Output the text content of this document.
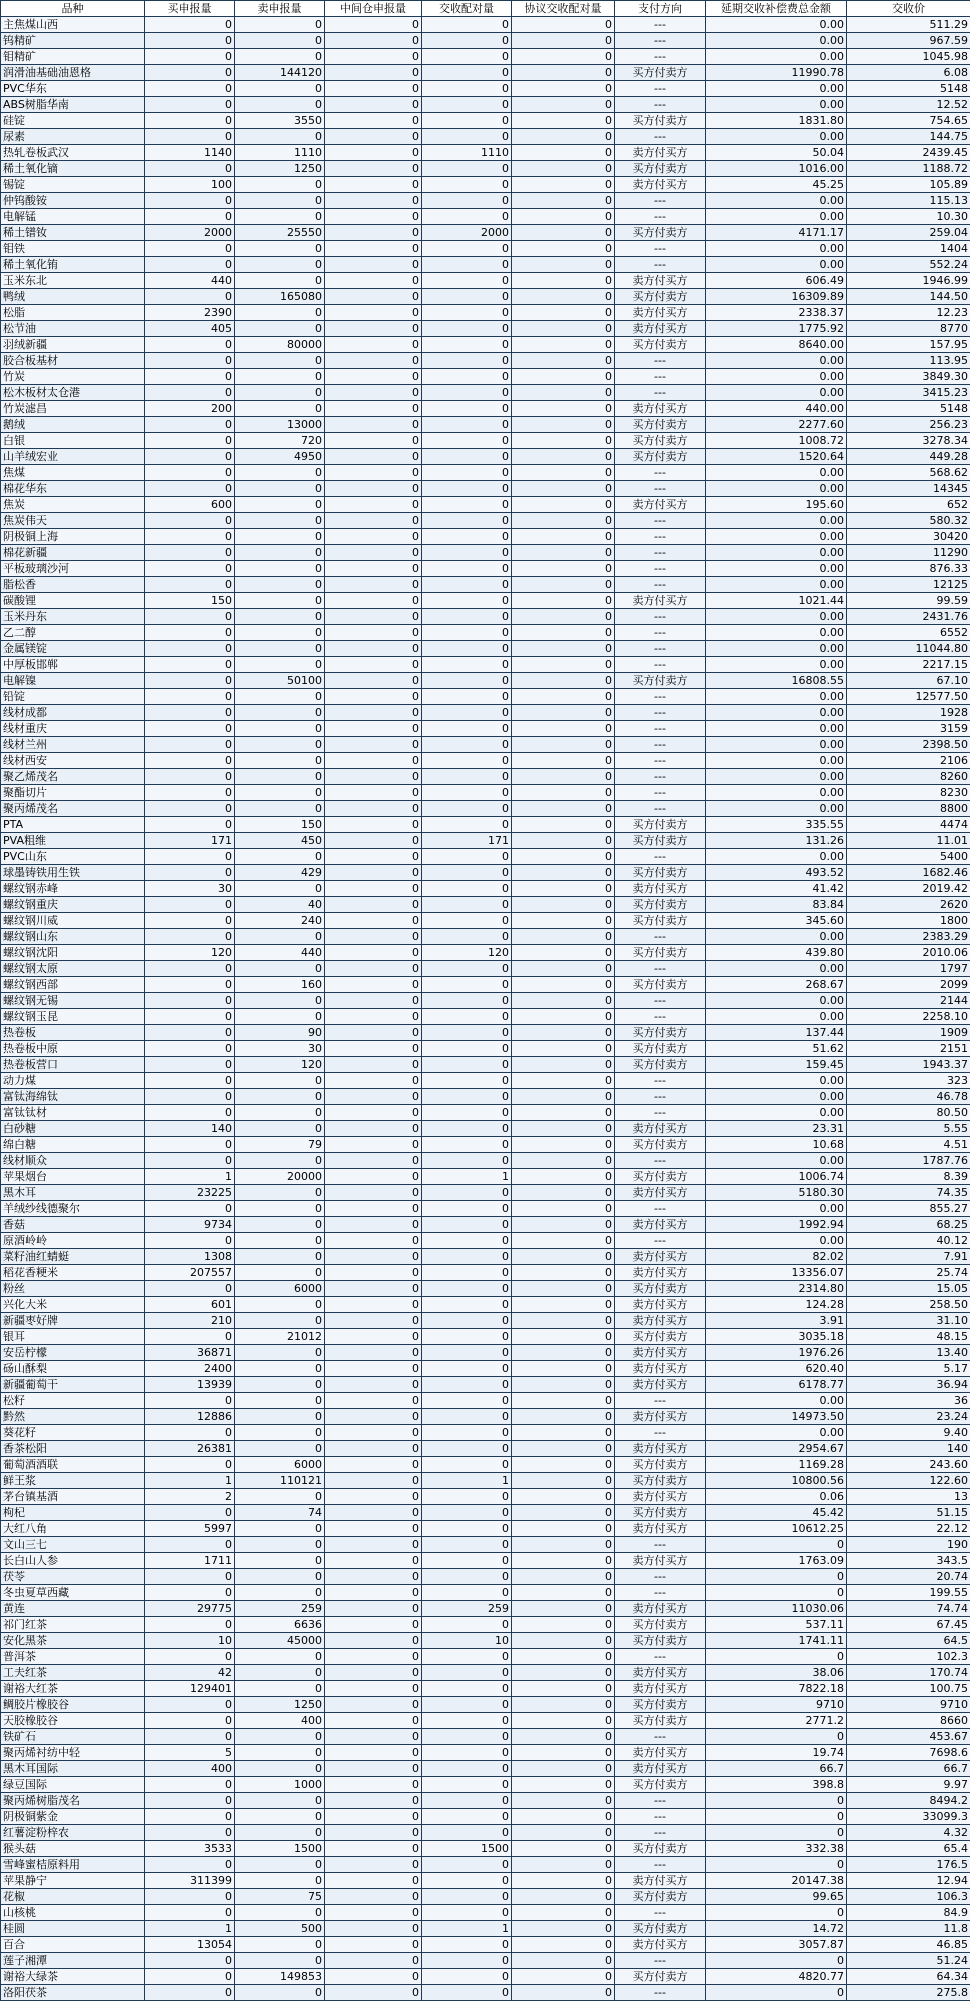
品种	买申报量	卖申报量	中间仓申报量	交收配对量	协议交收配对量	支付方向	延期交收补偿费总金额	交收价
主焦煤山西	0	0	0	0	0	---	0.00	511.29
钨精矿	0	0	0	0	0	---	0.00	967.59
钼精矿	0	0	0	0	0	---	0.00	1045.98
润滑油基础油恩格	0	144120	0	0	0	买方付卖方	11990.78	6.08
PVC华东	0	0	0	0	0	---	0.00	5148
ABS树脂华南	0	0	0	0	0	---	0.00	12.52
硅锭	0	3550	0	0	0	买方付卖方	1831.80	754.65
尿素	0	0	0	0	0	---	0.00	144.75
热轧卷板武汉	1140	1110	0	1110	0	卖方付买方	50.04	2439.45
稀土氧化镝	0	1250	0	0	0	买方付卖方	1016.00	1188.72
锡锭	100	0	0	0	0	卖方付买方	45.25	105.89
仲钨酸铵	0	0	0	0	0	---	0.00	115.13
电解锰	0	0	0	0	0	---	0.00	10.30
稀土镨钕	2000	25550	0	2000	0	买方付卖方	4171.17	259.04
钼铁	0	0	0	0	0	---	0.00	1404
稀土氧化铕	0	0	0	0	0	---	0.00	552.24
玉米东北	440	0	0	0	0	卖方付买方	606.49	1946.99
鸭绒	0	165080	0	0	0	买方付卖方	16309.89	144.50
松脂	2390	0	0	0	0	卖方付买方	2338.37	12.23
松节油	405	0	0	0	0	卖方付买方	1775.92	8770
羽绒新疆	0	80000	0	0	0	买方付卖方	8640.00	157.95
胶合板基材	0	0	0	0	0	---	0.00	113.95
竹炭	0	0	0	0	0	---	0.00	3849.30
松木板材太仓港	0	0	0	0	0	---	0.00	3415.23
竹炭滤昌	200	0	0	0	0	卖方付买方	440.00	5148
鹅绒	0	13000	0	0	0	买方付卖方	2277.60	256.23
白银	0	720	0	0	0	买方付卖方	1008.72	3278.34
山羊绒宏业	0	4950	0	0	0	买方付卖方	1520.64	449.28
焦煤	0	0	0	0	0	---	0.00	568.62
棉花华东	0	0	0	0	0	---	0.00	14345
焦炭	600	0	0	0	0	卖方付买方	195.60	652
焦炭伟天	0	0	0	0	0	---	0.00	580.32
阴极铜上海	0	0	0	0	0	---	0.00	30420
棉花新疆	0	0	0	0	0	---	0.00	11290
平板玻璃沙河	0	0	0	0	0	---	0.00	876.33
脂松香	0	0	0	0	0	---	0.00	12125
碳酸锂	150	0	0	0	0	卖方付买方	1021.44	99.59
玉米丹东	0	0	0	0	0	---	0.00	2431.76
乙二醇	0	0	0	0	0	---	0.00	6552
金属镁锭	0	0	0	0	0	---	0.00	11044.80
中厚板邯郸	0	0	0	0	0	---	0.00	2217.15
电解镍	0	50100	0	0	0	买方付卖方	16808.55	67.10
铅锭	0	0	0	0	0	---	0.00	12577.50
线材成都	0	0	0	0	0	---	0.00	1928
线材重庆	0	0	0	0	0	---	0.00	3159
线材兰州	0	0	0	0	0	---	0.00	2398.50
线材西安	0	0	0	0	0	---	0.00	2106
聚乙烯茂名	0	0	0	0	0	---	0.00	8260
聚酯切片	0	0	0	0	0	---	0.00	8230
聚丙烯茂名	0	0	0	0	0	---	0.00	8800
PTA	0	150	0	0	0	买方付卖方	335.55	4474
PVA粗维	171	450	0	171	0	买方付卖方	131.26	11.01
PVC山东	0	0	0	0	0	---	0.00	5400
球墨铸铁用生铁	0	429	0	0	0	买方付卖方	493.52	1682.46
螺纹钢赤峰	30	0	0	0	0	卖方付买方	41.42	2019.42
螺纹钢重庆	0	40	0	0	0	买方付卖方	83.84	2620
螺纹钢川威	0	240	0	0	0	买方付卖方	345.60	1800
螺纹钢山东	0	0	0	0	0	---	0.00	2383.29
螺纹钢沈阳	120	440	0	120	0	买方付卖方	439.80	2010.06
螺纹钢太原	0	0	0	0	0	---	0.00	1797
螺纹钢西部	0	160	0	0	0	买方付卖方	268.67	2099
螺纹钢无锡	0	0	0	0	0	---	0.00	2144
螺纹钢玉昆	0	0	0	0	0	---	0.00	2258.10
热卷板	0	90	0	0	0	买方付卖方	137.44	1909
热卷板中原	0	30	0	0	0	买方付卖方	51.62	2151
热卷板营口	0	120	0	0	0	买方付卖方	159.45	1943.37
动力煤	0	0	0	0	0	---	0.00	323
富钛海绵钛	0	0	0	0	0	---	0.00	46.78
富钛钛材	0	0	0	0	0	---	0.00	80.50
白砂糖	140	0	0	0	0	卖方付买方	23.31	5.55
绵白糖	0	79	0	0	0	买方付卖方	10.68	4.51
线材顺众	0	0	0	0	0	---	0.00	1787.76
苹果烟台	1	20000	0	1	0	买方付卖方	1006.74	8.39
黑木耳	23225	0	0	0	0	卖方付买方	5180.30	74.35
羊绒纱线德聚尔	0	0	0	0	0	---	0.00	855.27
香菇	9734	0	0	0	0	卖方付买方	1992.94	68.25
原酒岭岭	0	0	0	0	0	---	0.00	40.12
菜籽油红蜻蜓	1308	0	0	0	0	卖方付买方	82.02	7.91
稻花香粳米	207557	0	0	0	0	卖方付买方	13356.07	25.74
粉丝	0	6000	0	0	0	买方付卖方	2314.80	15.05
兴化大米	601	0	0	0	0	卖方付买方	124.28	258.50
新疆枣好牌	210	0	0	0	0	卖方付买方	3.91	31.10
银耳	0	21012	0	0	0	买方付卖方	3035.18	48.15
安岳柠檬	36871	0	0	0	0	卖方付买方	1976.26	13.40
砀山酥梨	2400	0	0	0	0	卖方付买方	620.40	5.17
新疆葡萄干	13939	0	0	0	0	卖方付买方	6178.77	36.94
松籽	0	0	0	0	0	---	0.00	36
黔然	12886	0	0	0	0	卖方付买方	14973.50	23.24
葵花籽	0	0	0	0	0	---	0.00	9.40
香茶松阳	26381	0	0	0	0	卖方付买方	2954.67	140
葡萄酒酒联	0	6000	0	0	0	买方付卖方	1169.28	243.60
鲜王浆	1	110121	0	1	0	买方付卖方	10800.56	122.60
茅台镇基酒	2	0	0	0	0	卖方付买方	0.06	13
枸杞	0	74	0	0	0	买方付卖方	45.42	51.15
大红八角	5997	0	0	0	0	卖方付买方	10612.25	22.12
文山三七	0	0	0	0	0	---	0	190
长白山人参	1711	0	0	0	0	卖方付买方	1763.09	343.5
茯苓	0	0	0	0	0	---	0	20.74
冬虫夏草西藏	0	0	0	0	0	---	0	199.55
黄连	29775	259	0	259	0	卖方付买方	11030.06	74.74
祁门红茶	0	6636	0	0	0	买方付卖方	537.11	67.45
安化黑茶	10	45000	0	10	0	买方付卖方	1741.11	64.5
普洱茶	0	0	0	0	0	---	0	102.3
工夫红茶	42	0	0	0	0	卖方付买方	38.06	170.74
谢裕大红茶	129401	0	0	0	0	卖方付买方	7822.18	100.75
鲷胶片橡胶谷	0	1250	0	0	0	买方付卖方	9710	9710
天胶橡胶谷	0	400	0	0	0	买方付卖方	2771.2	8660
铁矿石	0	0	0	0	0	---	0	453.67
聚丙烯衬纺中轻	5	0	0	0	0	卖方付买方	19.74	7698.6
黑木耳国际	400	0	0	0	0	卖方付买方	66.7	66.7
绿豆国际	0	1000	0	0	0	买方付卖方	398.8	9.97
聚丙烯树脂茂名	0	0	0	0	0	---	0	8494.2
阴极铜紫金	0	0	0	0	0	---	0	33099.3
红薯淀粉梓农	0	0	0	0	0	---	0	4.32
猴头菇	3533	1500	0	1500	0	买方付卖方	332.38	65.4
雪峰蜜桔原料用	0	0	0	0	0	---	0	176.5
苹果静宁	311399	0	0	0	0	卖方付买方	20147.38	12.94
花椒	0	75	0	0	0	买方付卖方	99.65	106.3
山核桃	0	0	0	0	0	---	0	84.9
桂圆	1	500	0	1	0	买方付卖方	14.72	11.8
百合	13054	0	0	0	0	卖方付买方	3057.87	46.85
莲子湘潭	0	0	0	0	0	---	0	51.24
谢裕大绿茶	0	149853	0	0	0	买方付卖方	4820.77	64.34
洛阳茯茶	0	0	0	0	0	---	0	275.8
